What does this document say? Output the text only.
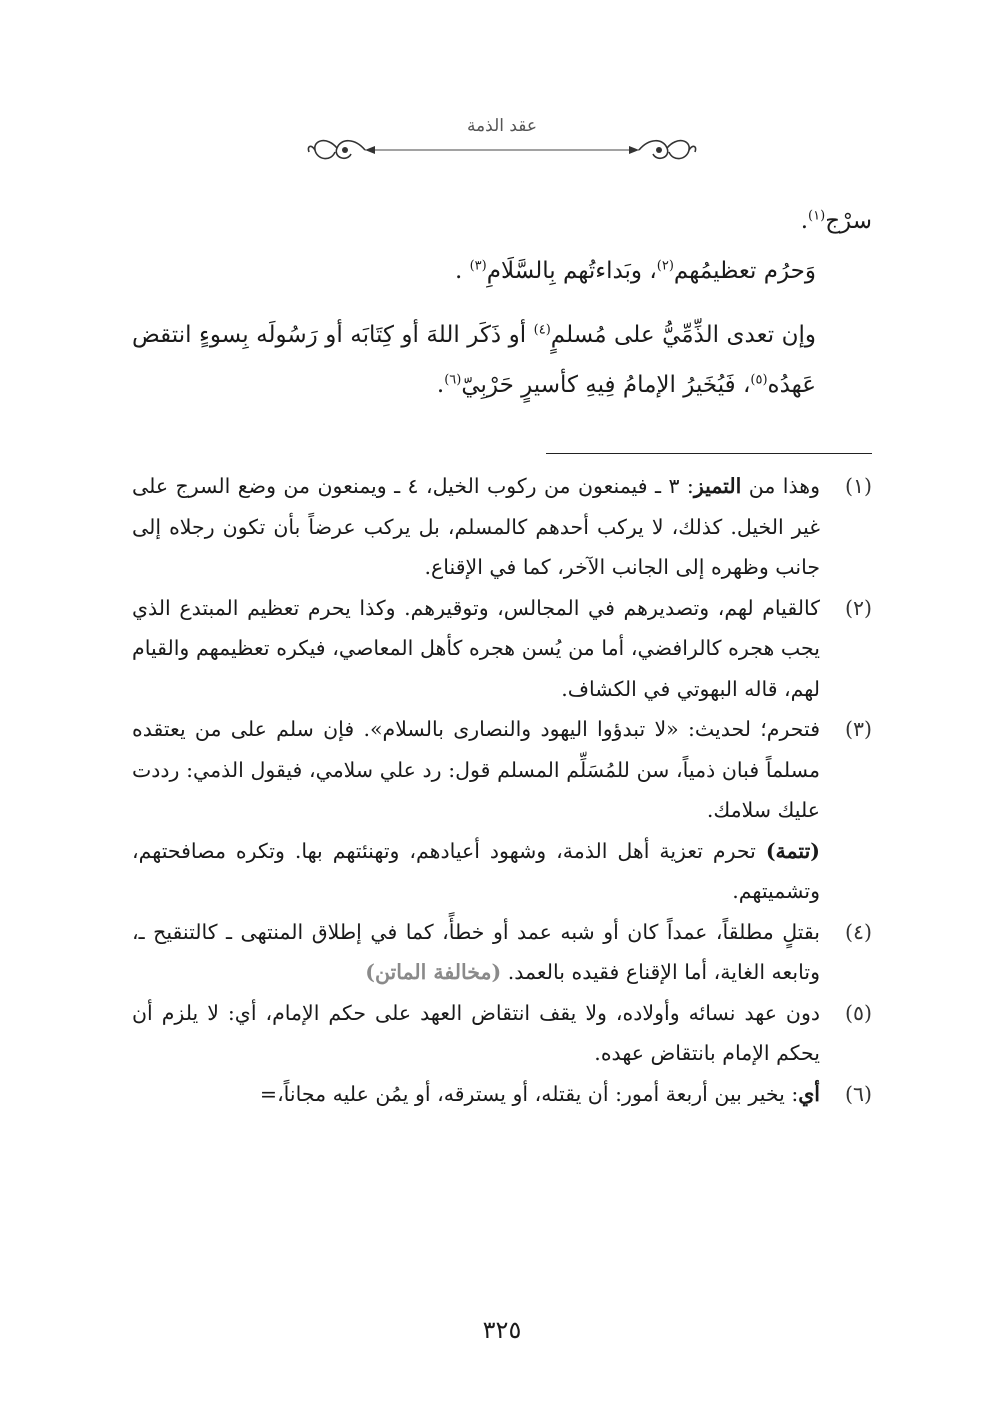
عقد الذمة

سرْج$^{(١)}$.

وَحرُم تعظيمُهم$^{(٢)}$، وبَداءتُهم بِالسَّلَامِ$^{(٣)}$ .

وإن تعدى الذِّمِّيُّ على مُسلمٍ$^{(٤)}$ أو ذَكَر اللهَ أو كِتَابَه أو رَسُولَه بِسوءٍ انتقض عَهدُه$^{(٥)}$، فَيُخَيرُ الإمامُ فِيهِ كأسيرٍ حَرْبِيّ$^{(٦)}$.

(١)
وهذا من التميز: ٣ ـ فيمنعون من ركوب الخيل، ٤ ـ ويمنعون من وضع السرج على غير الخيل. كذلك، لا يركب أحدهم كالمسلم، بل يركب عرضاً بأن تكون رجلاه إلى جانب وظهره إلى الجانب الآخر، كما في الإقناع.
(٢)
كالقيام لهم، وتصديرهم في المجالس، وتوقيرهم. وكذا يحرم تعظيم المبتدع الذي يجب هجره كالرافضي، أما من يُسن هجره كأهل المعاصي، فيكره تعظيمهم والقيام لهم، قاله البهوتي في الكشاف.
(٣)
فتحرم؛ لحديث: «لا تبدؤوا اليهود والنصارى بالسلام». فإن سلم على من يعتقده مسلماً فبان ذمياً، سن للمُسَلِّم المسلم قول: رد علي سلامي، فيقول الذمي: رددت عليك سلامك.
(تتمة) تحرم تعزية أهل الذمة، وشهود أعيادهم، وتهنئتهم بها. وتكره مصافحتهم، وتشميتهم.
(٤)
بقتلٍ مطلقاً، عمداً كان أو شبه عمد أو خطأً، كما في إطلاق المنتهى ـ كالتنقيح ـ، وتابعه الغاية، أما الإقناع فقيده بالعمد. (مخالفة الماتن)
(٥)
دون عهد نسائه وأولاده، ولا يقف انتقاض العهد على حكم الإمام، أي: لا يلزم أن يحكم الإمام بانتقاض عهده.
(٦)
أي: يخير بين أربعة أمور: أن يقتله، أو يسترقه، أو يمُن عليه مجاناً،=
٣٢٥
